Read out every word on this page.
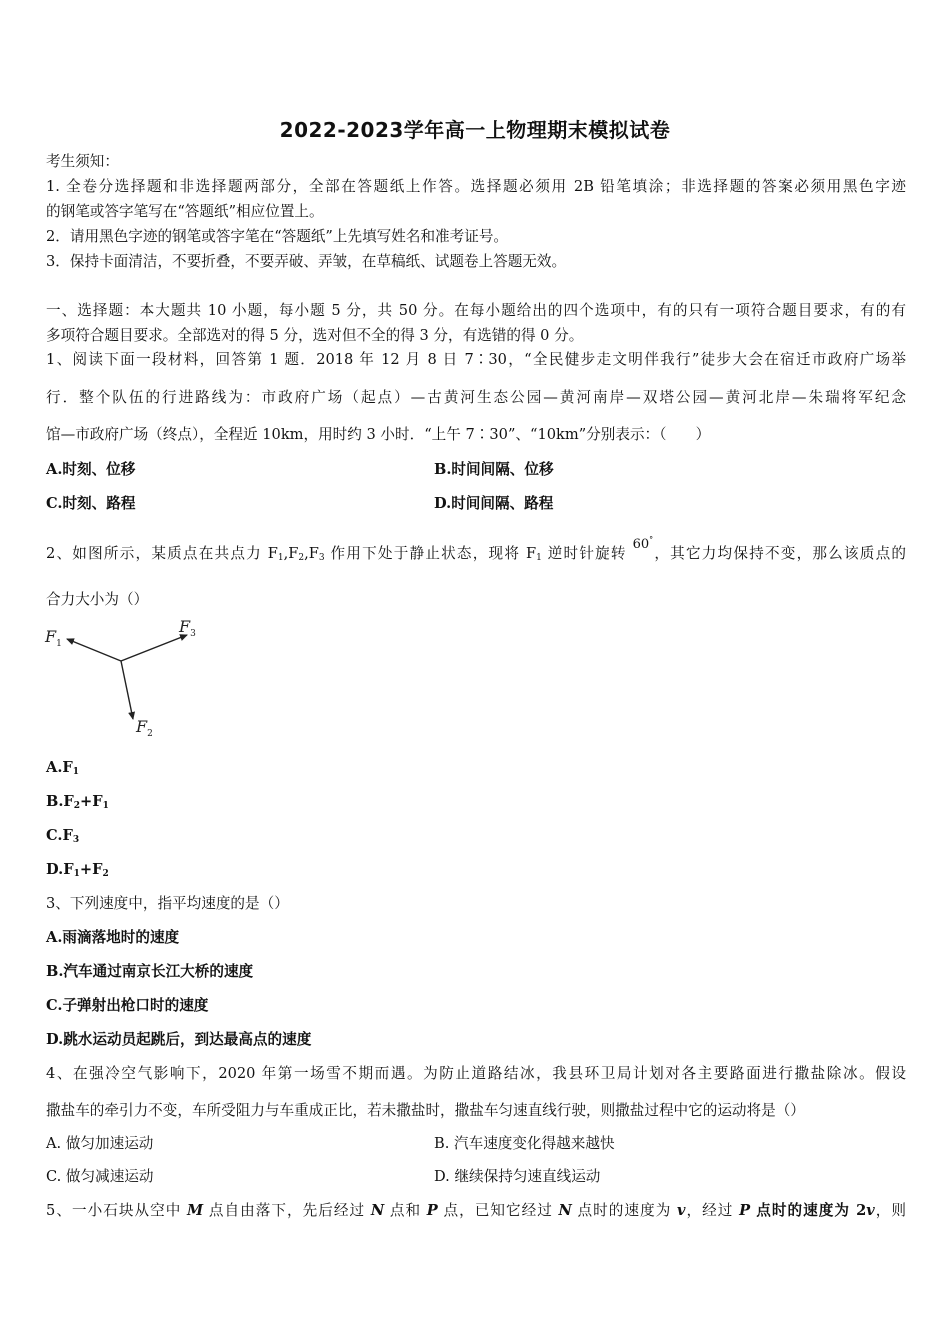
2022-2023学年高一上物理期末模拟试卷
考生须知：
1. 全卷分选择题和非选择题两部分，全部在答题纸上作答。选择题必须用 2B 铅笔填涂；非选择题的答案必须用黑色字迹
的钢笔或答字笔写在“答题纸”相应位置上。
2．请用黑色字迹的钢笔或答字笔在“答题纸”上先填写姓名和准考证号。
3．保持卡面清洁，不要折叠，不要弄破、弄皱，在草稿纸、试题卷上答题无效。
一、选择题：本大题共 10 小题，每小题 5 分，共 50 分。在每小题给出的四个选项中，有的只有一项符合题目要求，有的有
多项符合题目要求。全部选对的得 5 分，选对但不全的得 3 分，有选错的得 0 分。
1、阅读下面一段材料，回答第 1 题．2018 年 12 月 8 日 7∶30，“全民健步走文明伴我行”徒步大会在宿迁市政府广场举
行．整个队伍的行进路线为：市政府广场（起点）—古黄河生态公园—黄河南岸—双塔公园—黄河北岸—朱瑞将军纪念
馆—市政府广场（终点），全程近 10km，用时约 3 小时．“上午 7∶30”、“10km”分别表示：（　　）
A.时刻、位移	B.时间间隔、位移
C.时刻、路程	D.时间间隔、路程
2、如图所示，某质点在共点力 $F_1,F_2,F_3$ 作用下处于静止状态，现将 $F_1$ 逆时针旋转 60°，其它力均保持不变，那么该质点的
合力大小为（）
$F_1$
$F_3$
$F_2$
$A.F_1$
$B.F_2+F_1$
$C.F_3$
$D.F_1+F_2$
3、下列速度中，指平均速度的是（）
A.雨滴落地时的速度
B.汽车通过南京长江大桥的速度
C.子弹射出枪口时的速度
D.跳水运动员起跳后，到达最高点的速度
4、在强冷空气影响下，2020 年第一场雪不期而遇。为防止道路结冰，我县环卫局计划对各主要路面进行撒盐除冰。假设
撒盐车的牵引力不变，车所受阻力与车重成正比，若未撒盐时，撒盐车匀速直线行驶，则撒盐过程中它的运动将是（）
A. 做匀加速运动	B. 汽车速度变化得越来越快
C. 做匀减速运动	D. 继续保持匀速直线运动
5、一小石块从空中 M 点自由落下，先后经过 N 点和 P 点，已知它经过 N 点时的速度为 v，经过 P 点时的速度为 2v，则
